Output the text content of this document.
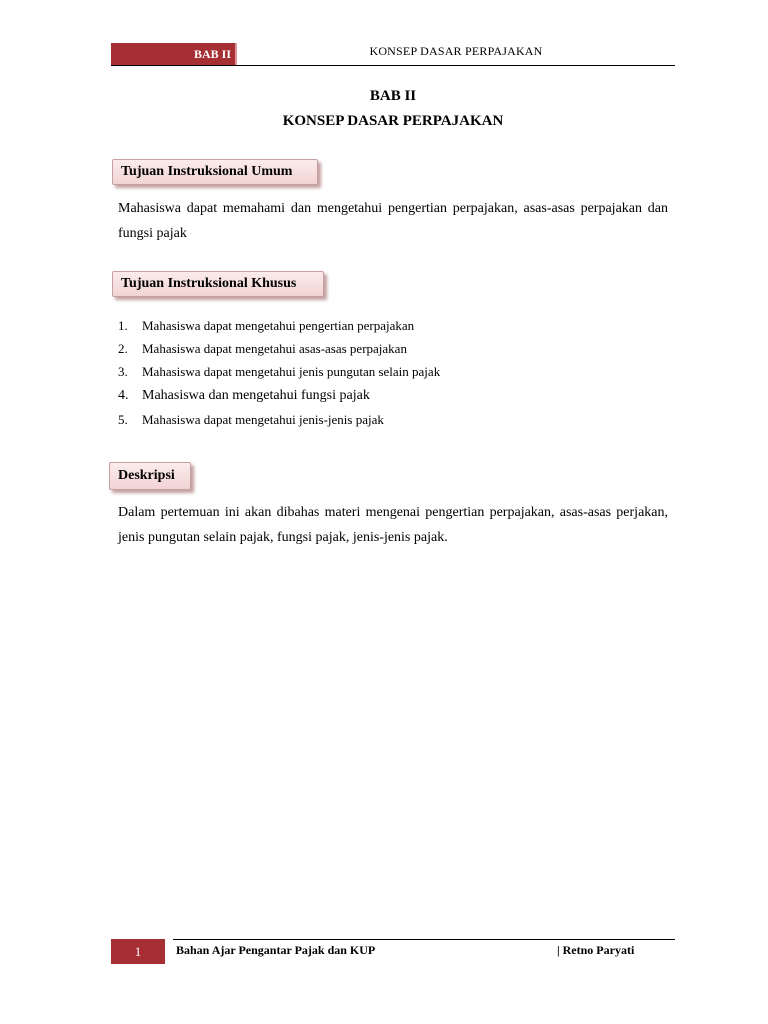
BAB II	KONSEP DASAR PERPAJAKAN
BAB II
KONSEP DASAR PERPAJAKAN
Tujuan Instruksional Umum
Mahasiswa dapat memahami dan mengetahui pengertian perpajakan, asas-asas perpajakan dan fungsi pajak
Tujuan Instruksional Khusus
1.	Mahasiswa dapat mengetahui pengertian perpajakan
2.	Mahasiswa dapat mengetahui asas-asas perpajakan
3.	Mahasiswa dapat mengetahui jenis pungutan selain pajak
4. Mahasiswa dan mengetahui fungsi pajak
5.	Mahasiswa dapat mengetahui jenis-jenis pajak
Deskripsi
Dalam pertemuan ini akan dibahas materi mengenai pengertian perpajakan, asas-asas perjakan, jenis pungutan selain pajak, fungsi pajak, jenis-jenis pajak.
1	Bahan Ajar Pengantar Pajak dan KUP	| Retno Paryati
